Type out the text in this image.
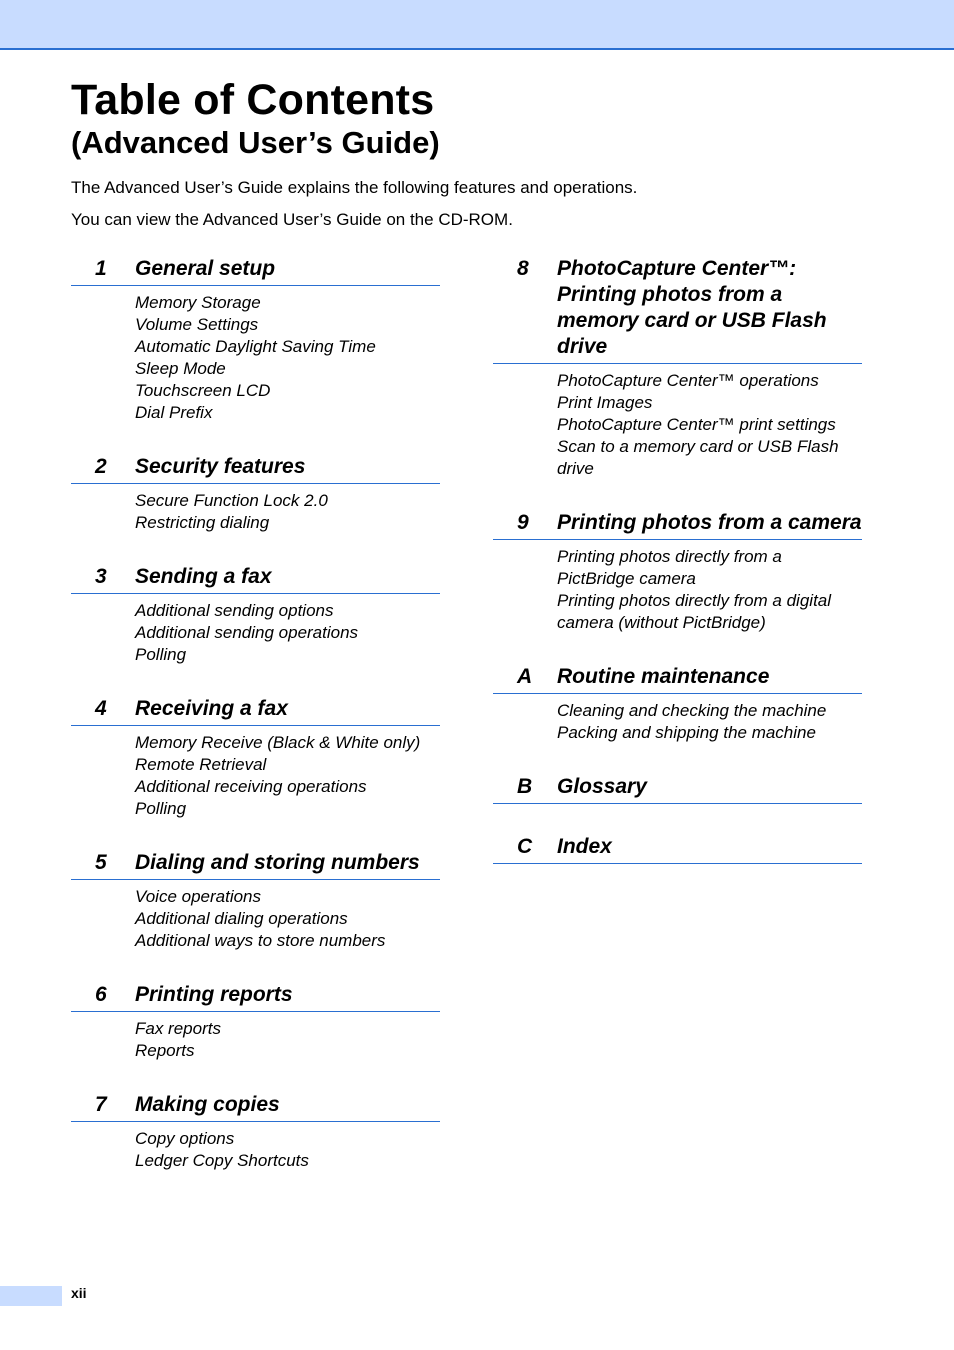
Table of Contents
(Advanced User’s Guide)

The Advanced User’s Guide explains the following features and operations.

You can view the Advanced User’s Guide on the CD-ROM.

1	General setup
Memory Storage
Volume Settings
Automatic Daylight Saving Time
Sleep Mode
Touchscreen LCD
Dial Prefix
2	Security features
Secure Function Lock 2.0
Restricting dialing
3	Sending a fax
Additional sending options
Additional sending operations
Polling
4	Receiving a fax
Memory Receive (Black & White only)
Remote Retrieval
Additional receiving operations
Polling
5	Dialing and storing numbers
Voice operations
Additional dialing operations
Additional ways to store numbers
6	Printing reports
Fax reports
Reports
7	Making copies
Copy options
Ledger Copy Shortcuts
8	PhotoCapture Center™: Printing photos from a memory card or USB Flash drive
PhotoCapture Center™ operations
Print Images
PhotoCapture Center™ print settings
Scan to a memory card or USB Flash drive
9	Printing photos from a camera
Printing photos directly from a PictBridge camera
Printing photos directly from a digital camera (without PictBridge)
A	Routine maintenance
Cleaning and checking the machine
Packing and shipping the machine
B	Glossary
C	Index
xii
